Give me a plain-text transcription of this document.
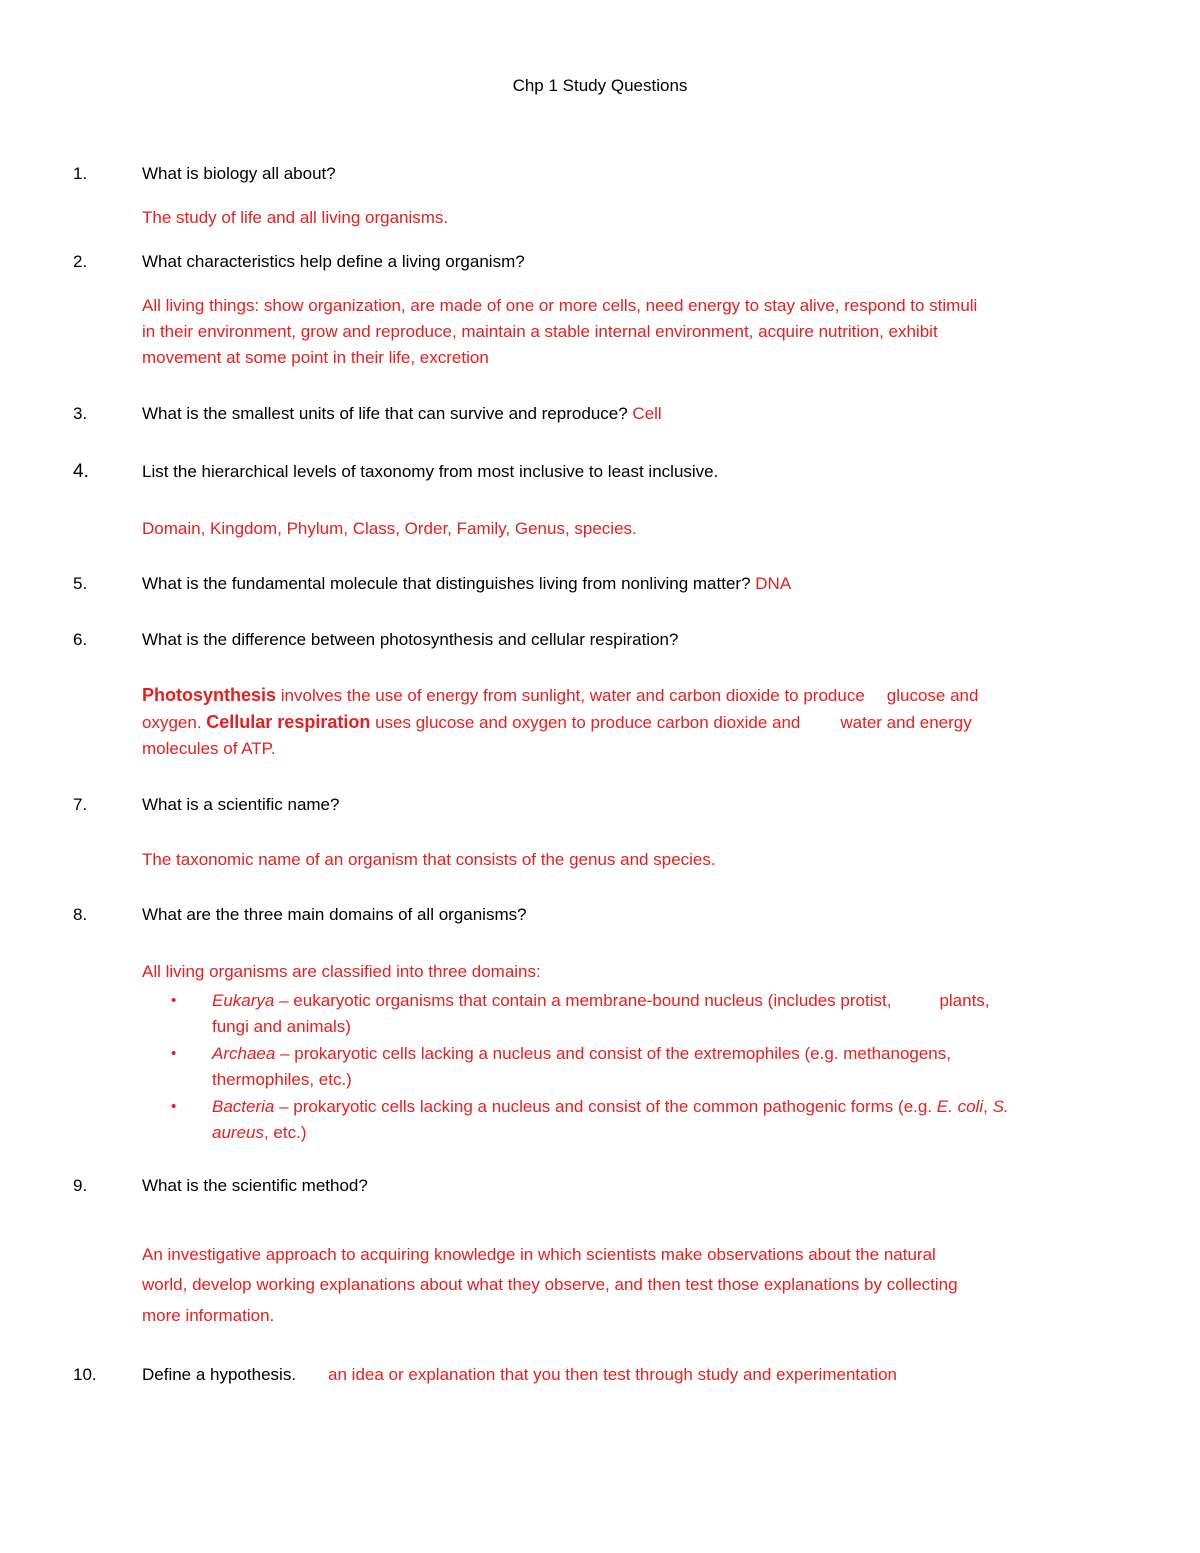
Chp 1 Study Questions
1.	What is biology all about?
The study of life and all living organisms.
2.	What characteristics help define a living organism?
All living things: show organization, are made of one or more cells, need energy to stay alive, respond to stimuli
in their environment, grow and reproduce, maintain a stable internal environment, acquire nutrition, exhibit
movement at some point in their life, excretion
3.	What is the smallest units of life that can survive and reproduce? Cell
4.	List the hierarchical levels of taxonomy from most inclusive to least inclusive.
Domain, Kingdom, Phylum, Class, Order, Family, Genus, species.
5.	What is the fundamental molecule that distinguishes living from nonliving matter? DNA
6.	What is the difference between photosynthesis and cellular respiration?
Photosynthesis involves the use of energy from sunlight, water and carbon dioxide to produce glucose and
oxygen. Cellular respiration uses glucose and oxygen to produce carbon dioxide and water and energy
molecules of ATP.
7.	What is a scientific name?
The taxonomic name of an organism that consists of the genus and species.
8.	What are the three main domains of all organisms?
All living organisms are classified into three domains:
• Eukarya – eukaryotic organisms that contain a membrane-bound nucleus (includes protist,	plants,
fungi and animals)
• Archaea – prokaryotic cells lacking a nucleus and consist of the extremophiles (e.g. methanogens,
thermophiles, etc.)
• Bacteria – prokaryotic cells lacking a nucleus and consist of the common pathogenic forms (e.g. E. coli, S.
aureus, etc.)
9.	What is the scientific method?
An investigative approach to acquiring knowledge in which scientists make observations about the natural
world, develop working explanations about what they observe, and then test those explanations by collecting
more information.
10.	Define a hypothesis. an idea or explanation that you then test through study and experimentation
